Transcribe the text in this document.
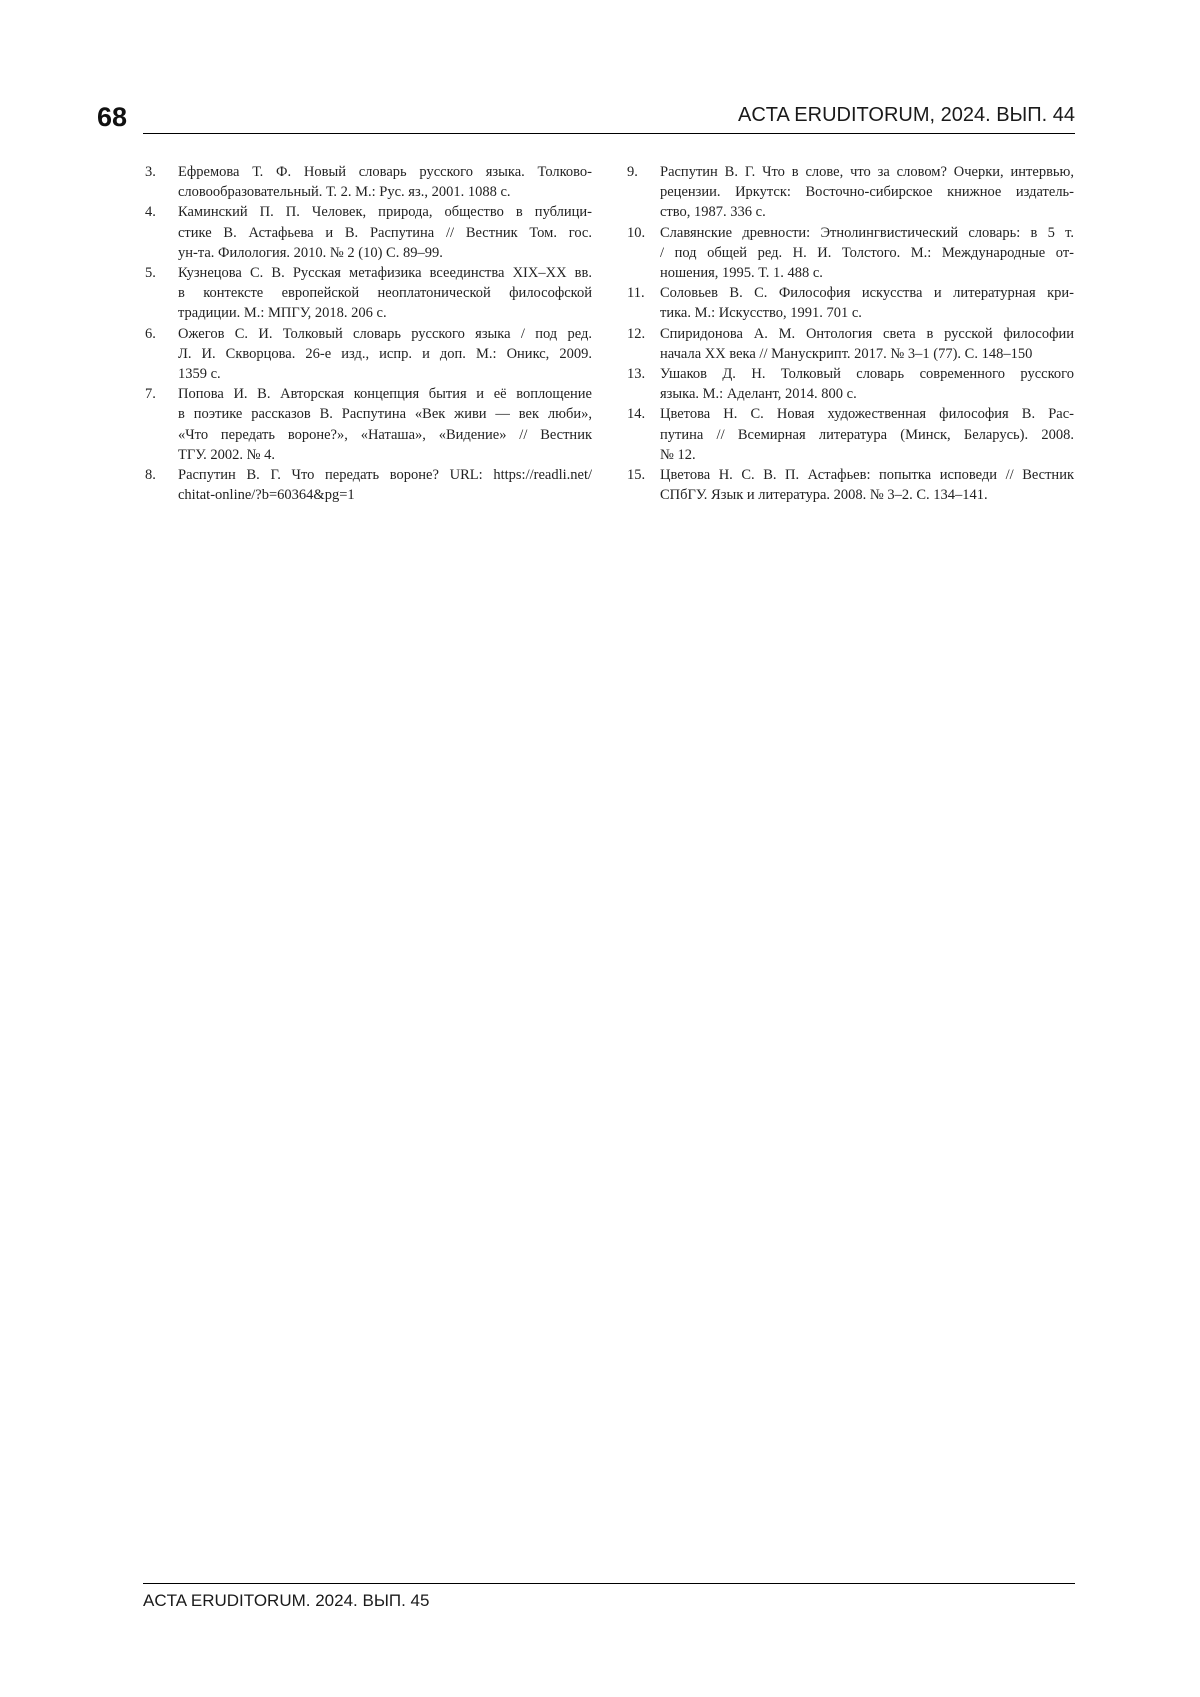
68	ACTA ERUDITORUM, 2024. ВЫП. 44
3. Ефремова Т. Ф. Новый словарь русского языка. Толково-
словообразовательный. Т. 2. М.: Рус. яз., 2001. 1088 с.
4. Каминский П. П. Человек, природа, общество в публици-
стике В. Астафьева и В. Распутина // Вестник Том. гос.
ун-та. Филология. 2010. № 2 (10) С. 89–99.
5. Кузнецова С. В. Русская метафизика всеединства XIX–XX вв.
в контексте европейской неоплатонической философской
традиции. М.: МПГУ, 2018. 206 с.
6. Ожегов С. И. Толковый словарь русского языка / под ред.
Л. И. Скворцова. 26-е изд., испр. и доп. М.: Оникс, 2009.
1359 с.
7. Попова И. В. Авторская концепция бытия и её воплощение
в поэтике рассказов В. Распутина «Век живи — век люби»,
«Что передать вороне?», «Наташа», «Видение» // Вестник
ТГУ. 2002. № 4.
8. Распутин В. Г. Что передать вороне? URL: https://readli.net/
chitat-online/?b=60364&pg=1
9. Распутин В. Г. Что в слове, что за словом? Очерки, интервью,
рецензии. Иркутск: Восточно-сибирское книжное издатель-
ство, 1987. 336 с.
10. Славянские древности: Этнолингвистический словарь: в 5 т.
/ под общей ред. Н. И. Толстого. М.: Международные от-
ношения, 1995. Т. 1. 488 с.
11. Соловьев В. С. Философия искусства и литературная кри-
тика. М.: Искусство, 1991. 701 с.
12. Спиридонова А. М. Онтология света в русской философии
начала XX века // Манускрипт. 2017. № 3–1 (77). С. 148–150
13. Ушаков Д. Н. Толковый словарь современного русского
языка. М.: Аделант, 2014. 800 с.
14. Цветова Н. С. Новая художественная философия В. Рас-
путина // Всемирная литература (Минск, Беларусь). 2008.
№ 12.
15. Цветова Н. С. В. П. Астафьев: попытка исповеди // Вестник
СПбГУ. Язык и литература. 2008. № 3–2. С. 134–141.
ACTA ERUDITORUM. 2024. ВЫП. 45
